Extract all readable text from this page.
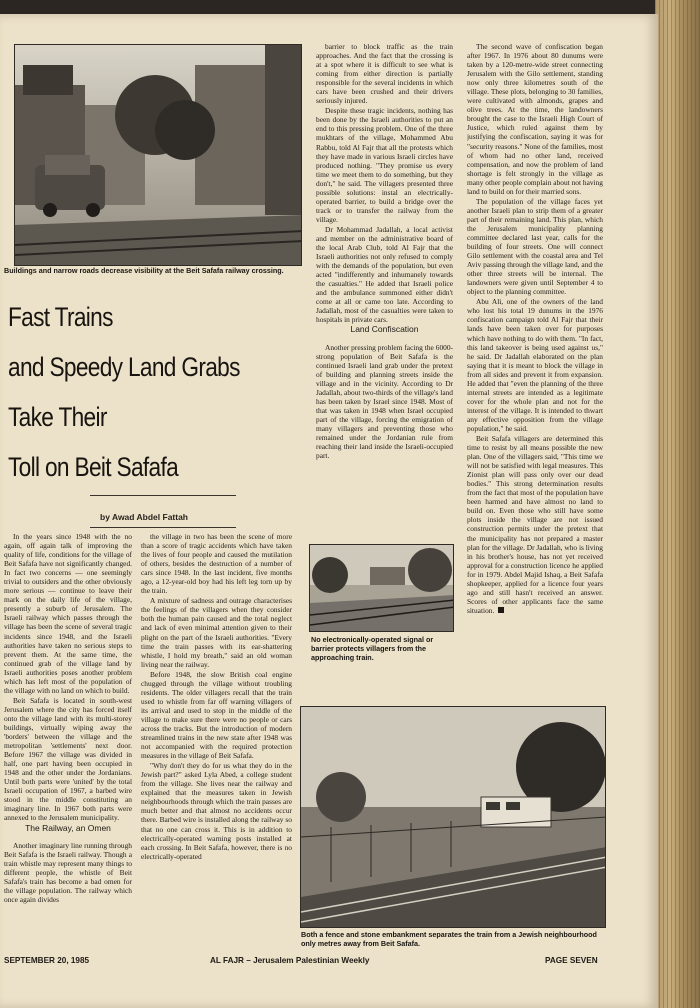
Buildings and narrow roads decrease visibility at the Beit Safafa railway crossing.
Fast Trains
and Speedy Land Grabs
Take Their
Toll on Beit Safafa
by Awad Abdel Fattah

In the years since 1948 with the no again, off again talk of improving the quality of life, conditions for the village of Beit Safafa have not significantly changed. In fact two concerns — one seemingly trivial to outsiders and the other obviously more serious — continue to leave their mark on the daily life of the village, presently a suburb of Jerusalem. The Israeli railway which passes through the village has been the scene of several tragic incidents since 1948, and the Israeli authorities have taken no serious steps to prevent them. At the same time, the continued grab of the village land by Israeli authorities poses another problem which has left most of the population of the village with no land on which to build.

Beit Safafa is located in south-west Jerusalem where the city has forced itself onto the village land with its multi-storey buildings, virtually wiping away the 'borders' between the village and the metropolitan 'settlements' next door. Before 1967 the village was divided in half, one part having been occupied in 1948 and the other under the Jordanians. Until both parts were 'united' by the total Israeli occupation of 1967, a barbed wire stood in the middle constituting an imaginary line. In 1967 both parts were annexed to the Jerusalem municipality.

The Railway, an Omen

Another imaginary line running through Beit Safafa is the Israeli railway. Though a train whistle may represent many things to different people, the whistle of Beit Safafa's train has become a bad omen for the village population. The railway which once again divides

the village in two has been the scene of more than a score of tragic accidents which have taken the lives of four people and caused the mutilation of others, besides the destruction of a number of cars since 1948. In the last incident, five months ago, a 12-year-old boy had his left leg torn up by the train.

A mixture of sadness and outrage characterises the feelings of the villagers when they consider both the human pain caused and the total neglect and lack of even minimal attention given to their plight on the part of the Israeli authorities. "Every time the train passes with its ear-shattering whistle, I hold my breath," said an old woman living near the railway.

Before 1948, the slow British coal engine chugged through the village without troubling residents. The older villagers recall that the train used to whistle from far off warning villagers of its arrival and used to stop in the middle of the village to make sure there were no people or cars across the tracks. But the introduction of modern streamlined trains in the new state after 1948 was not accompanied with the required protection measures in the village of Beit Safafa.

"Why don't they do for us what they do in the Jewish part?" asked Lyla Abed, a college student from the village. She lives near the railway and explained that the measures taken in Jewish neighbourhoods through which the train passes are much better and that almost no accidents occur there. Barbed wire is installed along the railway so that no one can cross it. This is in addition to electrically-operated warning posts installed at each crossing. In Beit Safafa, however, there is no electrically-operated

barrier to block traffic as the train approaches. And the fact that the crossing is at a spot where it is difficult to see what is coming from either direction is partially responsible for the several incidents in which cars have been crushed and their drivers seriously injured.

Despite these tragic incidents, nothing has been done by the Israeli authorities to put an end to this pressing problem. One of the three mukhtars of the village, Mohammed Abu Rabbu, told Al Fajr that all the protests which they have made in various Israeli circles have produced nothing. "They promise us every time we meet them to do something, but they don't," he said. The villagers presented three possible solutions: instal an electrically-operated barrier, to build a bridge over the track or to transfer the railway from the village.

Dr Mohammad Jadallah, a local activist and member on the administrative board of the local Arab Club, told Al Fajr that the Israeli authorities not only refused to comply with the demands of the population, but even acted "indifferently and inhumanely towards the casualties." He added that Israeli police and the ambulance summoned either didn't come at all or came too late. According to Jadallah, most of the casualties were taken to hospitals in private cars.

Land Confiscation

Another pressing problem facing the 6000-strong population of Beit Safafa is the continued Israeli land grab under the pretext of building and planning streets inside the village and in the vicinity. According to Dr Jadallah, about two-thirds of the village's land has been taken by Israel since 1948. Most of that was taken in 1948 when Israel occupied part of the village, forcing the emigration of many villagers and preventing those who remained under the Jordanian rule from reaching their land inside the Israeli-occupied part.

No electronically-operated signal or barrier protects villagers from the approaching train.

The second wave of confiscation began after 1967. In 1976 about 80 dunums were taken by a 120-metre-wide street connecting Jerusalem with the Gilo settlement, standing now only three kilometres south of the village. These plots, belonging to 30 families, were cultivated with almonds, grapes and olive trees. At the time, the landowners brought the case to the Israeli High Court of Justice, which ruled against them by justifying the confiscation, saying it was for "security reasons." None of the families, most of whom had no other land, received compensation, and now the problem of land shortage is felt strongly in the village as many other people complain about not having land to build on for their married sons.

The population of the village faces yet another Israeli plan to strip them of a greater part of their remaining land. This plan, which the Jerusalem municipality planning committee declared last year, calls for the building of four streets. One will connect Gilo settlement with the coastal area and Tel Aviv passing through the village land, and the other three streets will be internal. The landowners were given until September 4 to object to the planning committee.

Abu Ali, one of the owners of the land who lost his total 19 dunums in the 1976 confiscation campaign told Al Fajr that their lands have been taken over for purposes which have nothing to do with them. "In fact, this land takeover is being used against us," he said. Dr Jadallah elaborated on the plan saying that it is meant to block the village in from all sides and prevent it from expansion. He added that "even the planning of the three internal streets are intended as a legitimate cover for the whole plan and not for the interest of the village. It is intended to thwart any effective opposition from the village population," he said.

Beit Safafa villagers are determined this time to resist by all means possible the new plan. One of the villagers said, "This time we will not be satisfied with legal measures. This Zionist plan will pass only over our dead bodies." This strong determination results from the fact that most of the population have been harmed and have almost no land to build on. Even those who still have some plots inside the village are not issued construction permits under the pretext that the municipality has not prepared a master plan for the village. Dr Jadallah, who is living in his brother's house, has not yet received approval for a construction licence he applied for in 1979. Abdel Majid Ishaq, a Beit Safafa shopkeeper, applied for a licence four years ago and still hasn't received an answer. Scores of other applicants face the same situation.

Both a fence and stone embankment separates the train from a Jewish neighbourhood only metres away from Beit Safafa.
SEPTEMBER 20, 1985	AL FAJR – Jerusalem Palestinian Weekly	PAGE SEVEN
